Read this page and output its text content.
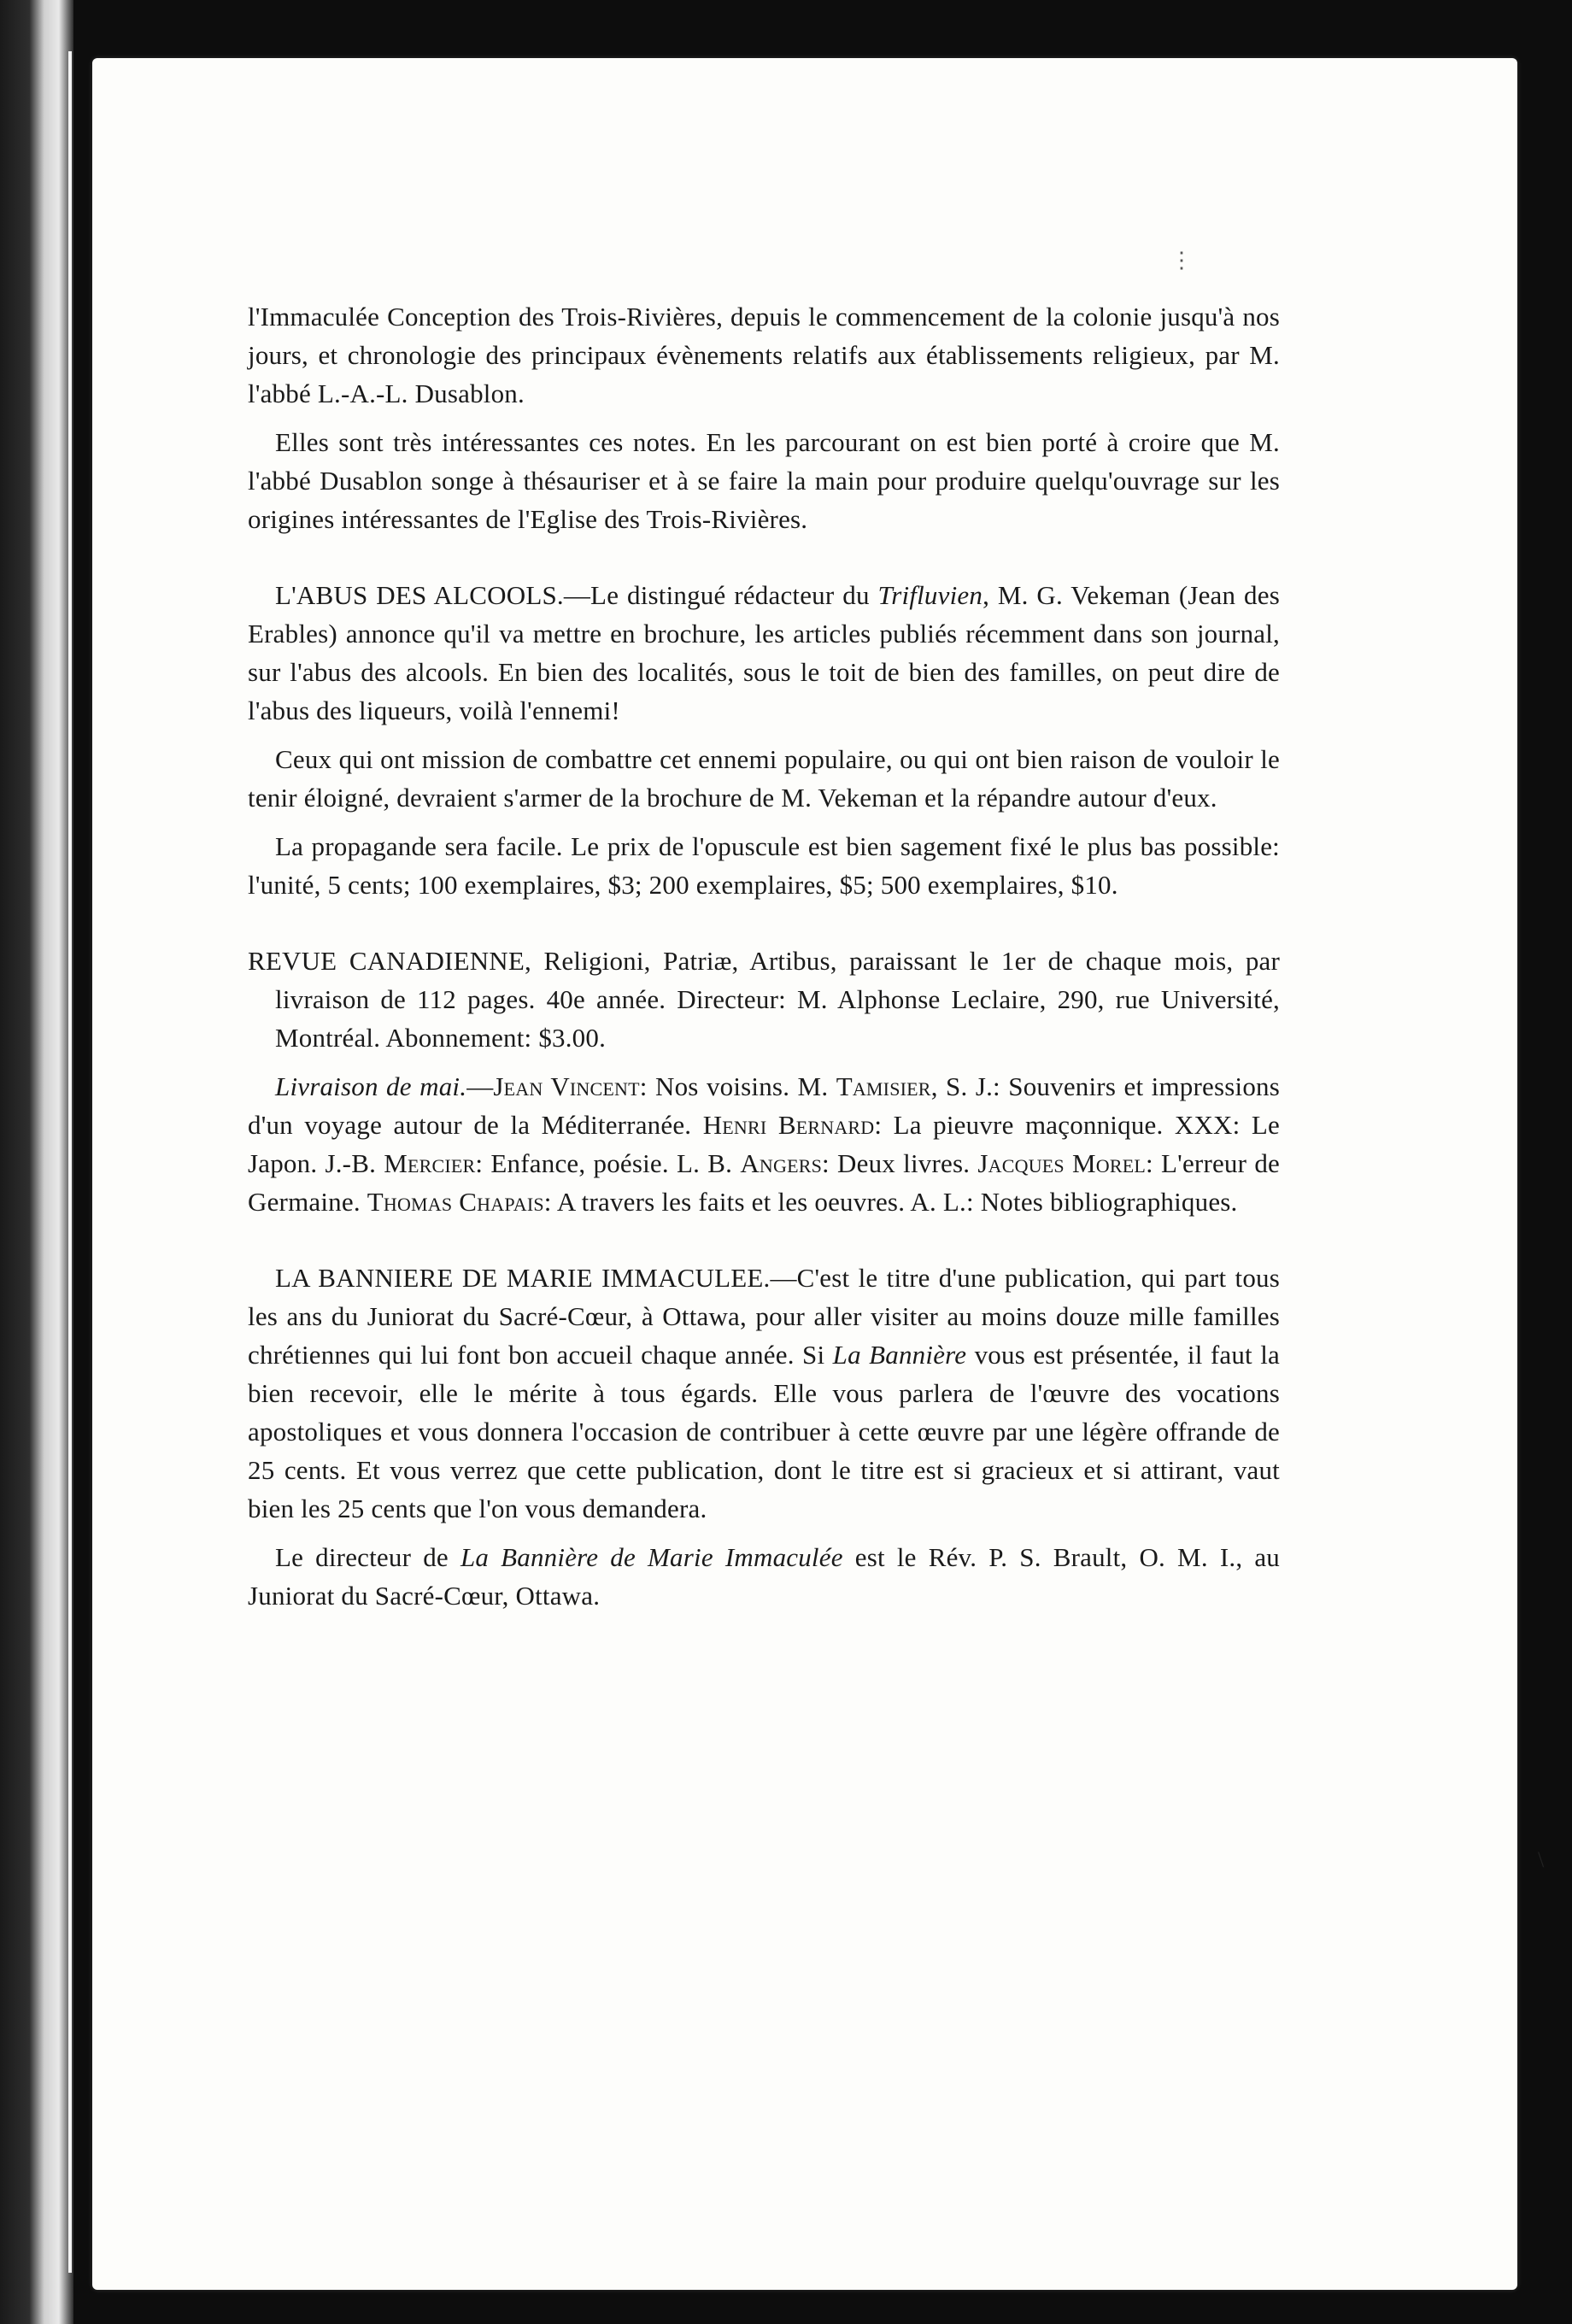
⋮
\

l'Immaculée Conception des Trois-Rivières, depuis le commencement de la colonie jusqu'à nos jours, et chronologie des principaux évènements relatifs aux établissements religieux, par M. l'abbé L.-A.-L. Dusablon.

Elles sont très intéressantes ces notes. En les parcourant on est bien porté à croire que M. l'abbé Dusablon songe à thésauriser et à se faire la main pour produire quelqu'ouvrage sur les origines intéressantes de l'Eglise des Trois-Rivières.

L'ABUS DES ALCOOLS.—Le distingué rédacteur du Trifluvien, M. G. Vekeman (Jean des Erables) annonce qu'il va mettre en brochure, les articles publiés récemment dans son journal, sur l'abus des alcools. En bien des localités, sous le toit de bien des familles, on peut dire de l'abus des liqueurs, voilà l'ennemi!

Ceux qui ont mission de combattre cet ennemi populaire, ou qui ont bien raison de vouloir le tenir éloigné, devraient s'armer de la brochure de M. Vekeman et la répandre autour d'eux.

La propagande sera facile. Le prix de l'opuscule est bien sagement fixé le plus bas possible: l'unité, 5 cents; 100 exemplaires, $3; 200 exemplaires, $5; 500 exemplaires, $10.

REVUE CANADIENNE, Religioni, Patriæ, Artibus, paraissant le 1er de chaque mois, par livraison de 112 pages. 40e année. Directeur: M. Alphonse Leclaire, 290, rue Université, Montréal. Abonnement: $3.00.

Livraison de mai.—Jean Vincent: Nos voisins. M. Tamisier, S. J.: Souvenirs et impressions d'un voyage autour de la Méditerranée. Henri Bernard: La pieuvre maçonnique. XXX: Le Japon. J.-B. Mercier: Enfance, poésie. L. B. Angers: Deux livres. Jacques Morel: L'erreur de Germaine. Thomas Chapais: A travers les faits et les oeuvres. A. L.: Notes bibliographiques.

LA BANNIERE DE MARIE IMMACULEE.—C'est le titre d'une publication, qui part tous les ans du Juniorat du Sacré-Cœur, à Ottawa, pour aller visiter au moins douze mille familles chrétiennes qui lui font bon accueil chaque année. Si La Bannière vous est présentée, il faut la bien recevoir, elle le mérite à tous égards. Elle vous parlera de l'œuvre des vocations apostoliques et vous donnera l'occasion de contribuer à cette œuvre par une légère offrande de 25 cents. Et vous verrez que cette publication, dont le titre est si gracieux et si attirant, vaut bien les 25 cents que l'on vous demandera.

Le directeur de La Bannière de Marie Immaculée est le Rév. P. S. Brault, O. M. I., au Juniorat du Sacré-Cœur, Ottawa.
